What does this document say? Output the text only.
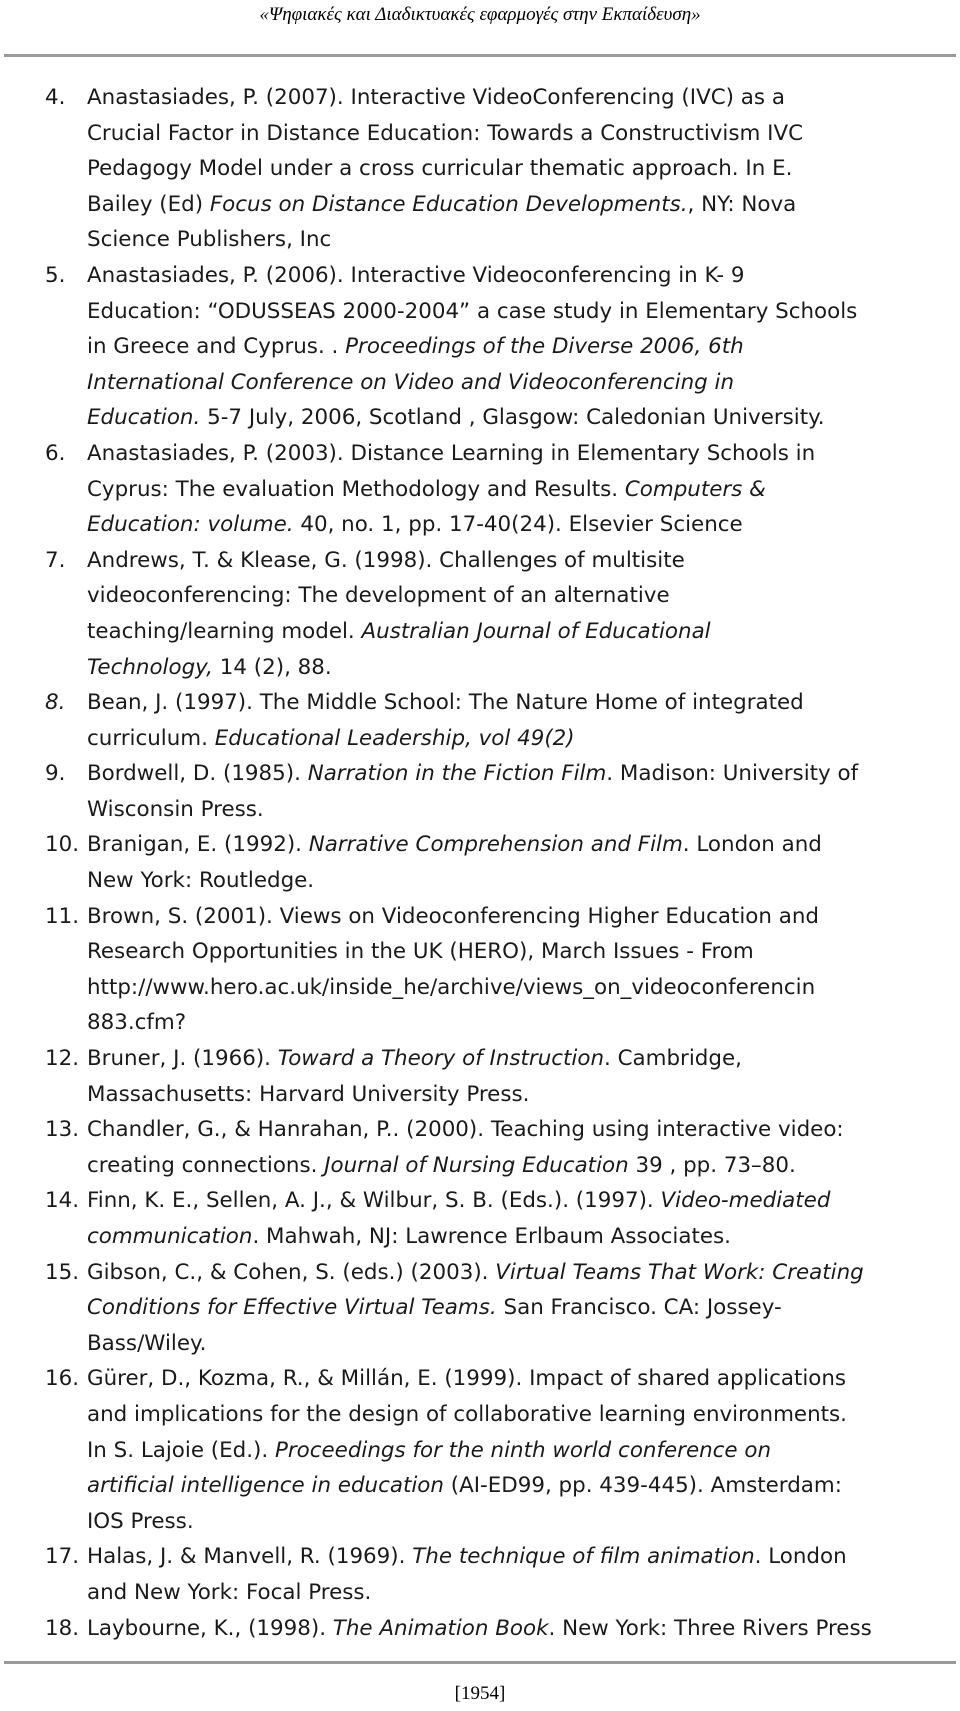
«Ψηφιακές και Διαδικτυακές εφαρμογές στην Εκπαίδευση»
4.	Anastasiades, P. (2007). Interactive VideoConferencing (IVC) as a
Crucial Factor in Distance Education: Towards a Constructivism IVC
Pedagogy Model under a cross curricular thematic approach. In E.
Bailey (Ed) Focus on Distance Education Developments., NY: Nova
Science Publishers, Inc
5.	Anastasiades, P. (2006). Interactive Videoconferencing in K- 9
Education: “ODUSSEAS 2000-2004” a case study in Elementary Schools
in Greece and Cyprus. . Proceedings of the Diverse 2006, 6th
International Conference on Video and Videoconferencing in
Education. 5-7 July, 2006, Scotland , Glasgow: Caledonian University.
6.	Anastasiades, P. (2003). Distance Learning in Elementary Schools in
Cyprus: The evaluation Methodology and Results. Computers &
Education: volume. 40, no. 1, pp. 17-40(24). Elsevier Science
7.	Andrews, T. & Klease, G. (1998). Challenges of multisite
videoconferencing: The development of an alternative
teaching/learning model. Australian Journal of Educational
Technology, 14 (2), 88.
8.	Bean, J. (1997). The Middle School: The Nature Home of integrated
curriculum. Educational Leadership, vol 49(2)
9.	Bordwell, D. (1985). Narration in the Fiction Film. Madison: University of
Wisconsin Press.
10. Branigan, E. (1992). Narrative Comprehension and Film. London and
New York: Routledge.
11. Brown, S. (2001). Views on Videoconferencing Higher Education and
Research Opportunities in the UK (HERO), March Issues - From
http://www.hero.ac.uk/inside_he/archive/views_on_videoconferencin
883.cfm?
12. Bruner, J. (1966). Toward a Theory of Instruction. Cambridge,
Massachusetts: Harvard University Press.
13. Chandler, G., & Hanrahan, P.. (2000). Teaching using interactive video:
creating connections. Journal of Nursing Education 39 , pp. 73–80.
14. Finn, K. E., Sellen, A. J., & Wilbur, S. B. (Eds.). (1997). Video-mediated
communication. Mahwah, NJ: Lawrence Erlbaum Associates.
15. Gibson, C., & Cohen, S. (eds.) (2003). Virtual Teams That Work: Creating
Conditions for Effective Virtual Teams. San Francisco. CA: Jossey-
Bass/Wiley.
16. Gürer, D., Kozma, R., & Millán, E. (1999). Impact of shared applications
and implications for the design of collaborative learning environments.
In S. Lajoie (Ed.). Proceedings for the ninth world conference on
artificial intelligence in education (AI-ED99, pp. 439-445). Amsterdam:
IOS Press.
17. Halas, J. & Manvell, R. (1969). The technique of film animation. London
and New York: Focal Press.
18. Laybourne, K., (1998). The Animation Book. New York: Three Rivers Press
[1954]
